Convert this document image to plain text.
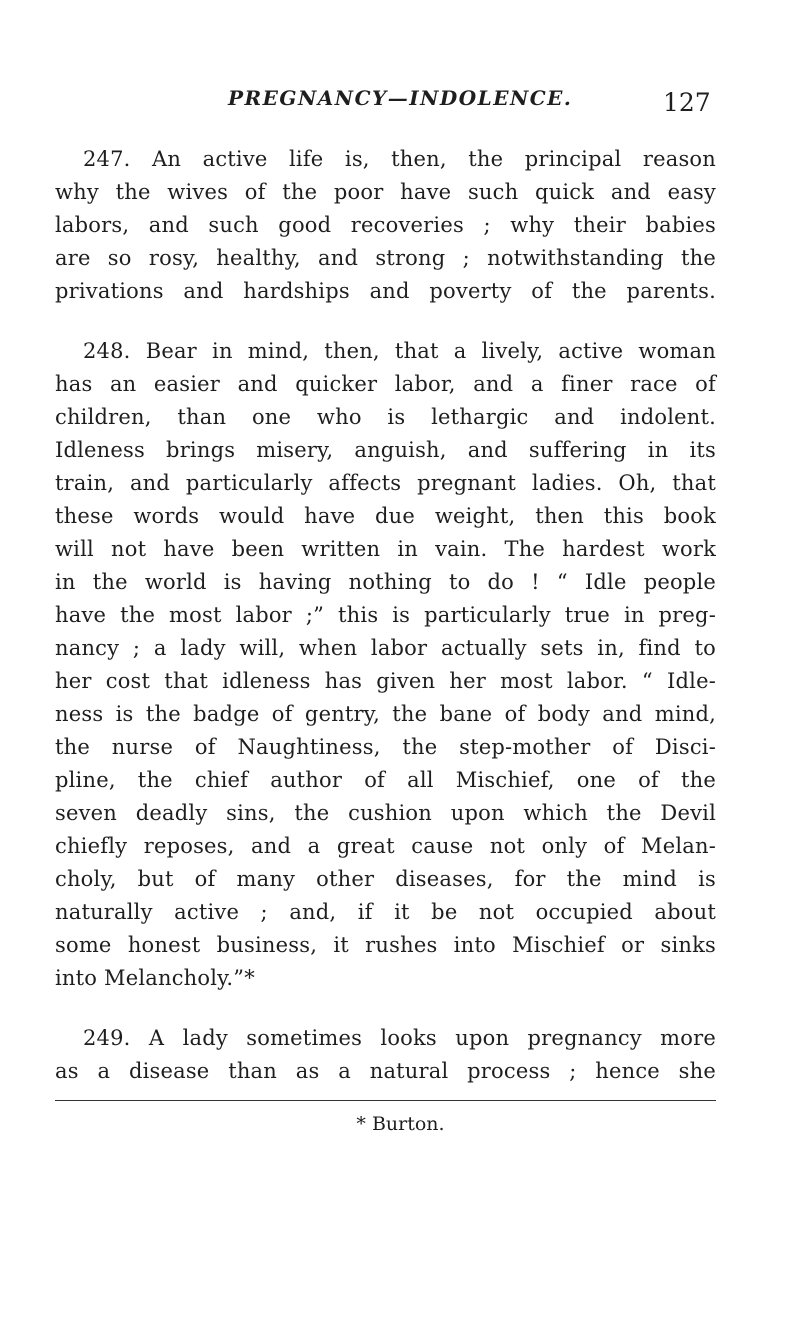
PREGNANCY—INDOLENCE.	127
247. An active life is, then, the principal reason
why the wives of the poor have such quick and easy
labors, and such good recoveries ; why their babies
are so rosy, healthy, and strong ; notwithstanding the
privations and hardships and poverty of the parents.
248. Bear in mind, then, that a lively, active woman
has an easier and quicker labor, and a finer race of
children, than one who is lethargic and indolent.
Idleness brings misery, anguish, and suffering in its
train, and particularly affects pregnant ladies. Oh, that
these words would have due weight, then this book
will not have been written in vain. The hardest work
in the world is having nothing to do ! “ Idle people
have the most labor ;” this is particularly true in preg-
nancy ; a lady will, when labor actually sets in, find to
her cost that idleness has given her most labor. “ Idle-
ness is the badge of gentry, the bane of body and mind,
the nurse of Naughtiness, the step-mother of Disci-
pline, the chief author of all Mischief, one of the
seven deadly sins, the cushion upon which the Devil
chiefly reposes, and a great cause not only of Melan-
choly, but of many other diseases, for the mind is
naturally active ; and, if it be not occupied about
some honest business, it rushes into Mischief or sinks
into Melancholy.”*
249. A lady sometimes looks upon pregnancy more
as a disease than as a natural process ; hence she
* Burton.
